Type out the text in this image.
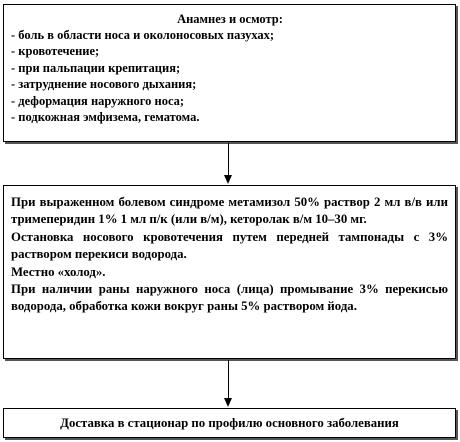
Анамнез и осмотр:

- боль в области носа и околоносовых пазухах;
- кровотечение;
- при пальпации крепитация;
- затруднение носового дыхания;
- деформация наружного носа;
- подкожная эмфизема, гематома.

При выраженном болевом синдроме метамизол 50% раствор 2 мл в/в или тримеперидин 1% 1 мл п/к (или в/м), кеторолак в/м 10–30 мг.

Остановка носового кровотечения путем передней тампонады с 3% раствором перекиси водорода.

Местно «холод».

При наличии раны наружного носа (лица) промывание 3% перекисью водорода, обработка кожи вокруг раны 5% раствором йода.

Доставка в стационар по профилю основного заболевания
